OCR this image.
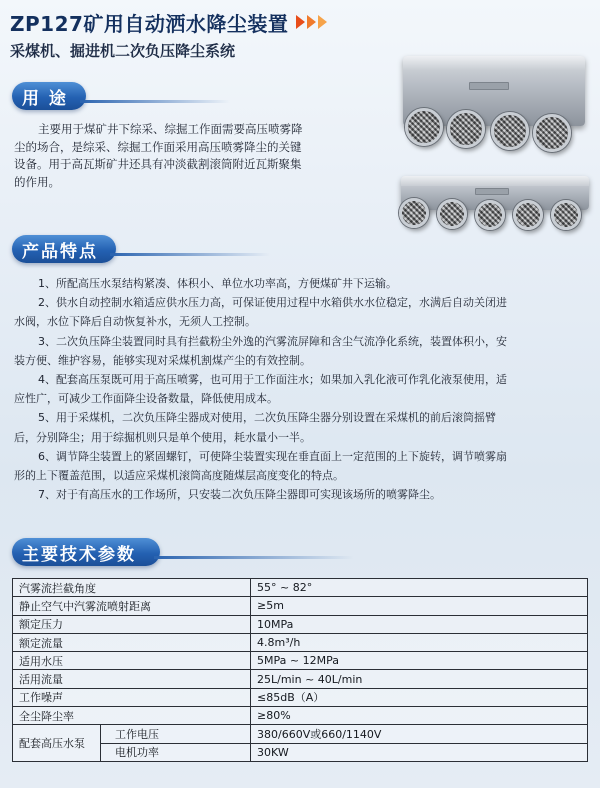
ZP127矿用自动洒水降尘装置
采煤机、掘进机二次负压降尘系统
用 途
主要用于煤矿井下综采、综掘工作面需要高压喷雾降
尘的场合，是综采、综掘工作面采用高压喷雾降尘的关键
设备。用于高瓦斯矿井还具有冲淡截割滚筒附近瓦斯聚集
的作用。
产品特点
1、所配高压水泵结构紧凑、体积小、单位水功率高，方便煤矿井下运输。
2、供水自动控制水箱适应供水压力高，可保证使用过程中水箱供水水位稳定，水满后自动关闭进
水阀，水位下降后自动恢复补水，无须人工控制。
3、二次负压降尘装置同时具有拦截粉尘外逸的汽雾流屏障和含尘气流净化系统，装置体积小，安
装方便、维护容易，能够实现对采煤机割煤产尘的有效控制。
4、配套高压泵既可用于高压喷雾，也可用于工作面注水；如果加入乳化液可作乳化液泵使用，适
应性广，可减少工作面降尘设备数量，降低使用成本。
5、用于采煤机，二次负压降尘器成对使用，二次负压降尘器分别设置在采煤机的前后滚筒摇臂
后，分别降尘；用于综掘机则只是单个使用，耗水量小一半。
6、调节降尘装置上的紧固螺钉，可使降尘装置实现在垂直面上一定范围的上下旋转，调节喷雾扇
形的上下覆盖范围，以适应采煤机滚筒高度随煤层高度变化的特点。
7、对于有高压水的工作场所，只安装二次负压降尘器即可实现该场所的喷雾降尘。
主要技术参数
汽雾流拦截角度		55° ~ 82°
静止空气中汽雾流喷射距离		≥5m
额定压力		10MPa
额定流量		4.8m³/h
适用水压		5MPa ~ 12MPa
活用流量		25L/min ~ 40L/min
工作噪声		≤85dB（A）
全尘降尘率		≥80%
配套高压水泵	工作电压	380/660V或660/1140V
	电机功率	30KW
